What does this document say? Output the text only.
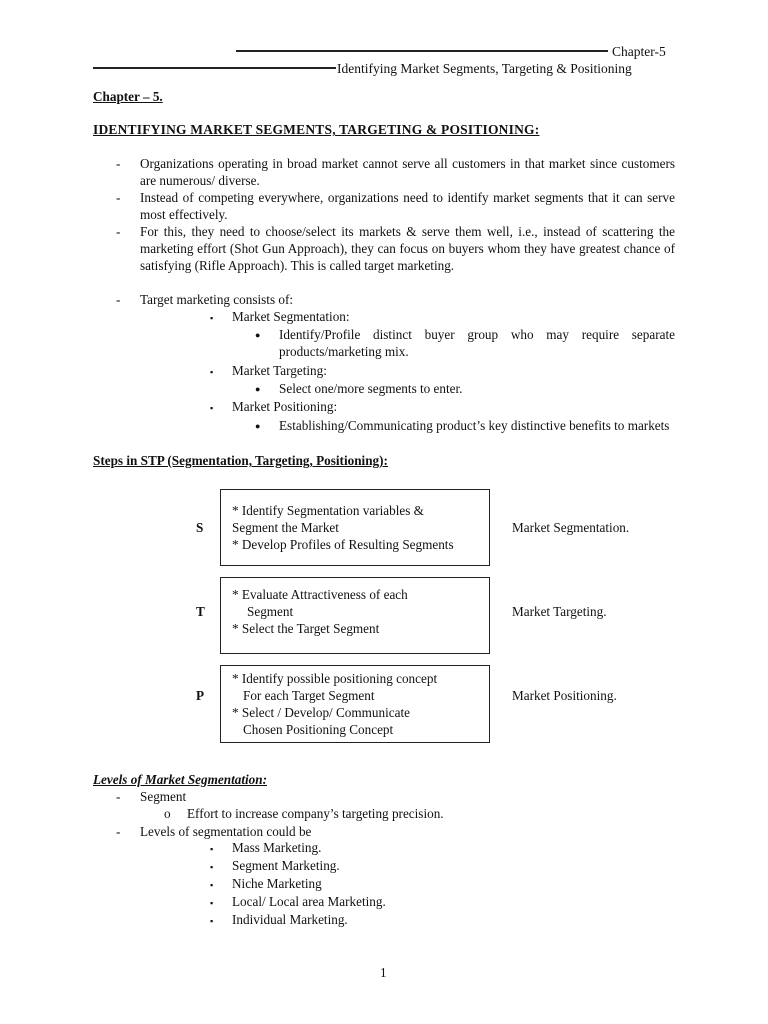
Chapter-5
Identifying Market Segments, Targeting & Positioning
Chapter – 5.
IDENTIFYING MARKET SEGMENTS, TARGETING & POSITIONING:
- Organizations operating in broad market cannot serve all customers in that market since customers are numerous/ diverse.
- Instead of competing everywhere, organizations need to identify market segments that it can serve most effectively.
- For this, they need to choose/select its markets & serve them well, i.e., instead of scattering the marketing effort (Shot Gun Approach), they can focus on buyers whom they have greatest chance of satisfying (Rifle Approach). This is called target marketing.
- Target marketing consists of:
▪
Market Segmentation:
●
Identify/Profile distinct buyer group who may require separate products/marketing mix.
▪
Market Targeting:
●
Select one/more segments to enter.
▪
Market Positioning:
●
Establishing/Communicating product’s key distinctive benefits to markets
Steps in STP (Segmentation, Targeting, Positioning):
S
* Identify Segmentation variables &
Segment the Market
* Develop Profiles of Resulting Segments
Market Segmentation.
T
* Evaluate Attractiveness of each
Segment
* Select the Target Segment
Market Targeting.
P
* Identify possible positioning concept
For each Target Segment
* Select / Develop/ Communicate
Chosen Positioning Concept
Market Positioning.
Levels of Market Segmentation:
- Segment
o Effort to increase company’s targeting precision.
- Levels of segmentation could be
▪
Mass Marketing.
▪
Segment Marketing.
▪
Niche Marketing
▪
Local/ Local area Marketing.
▪
Individual Marketing.
1
